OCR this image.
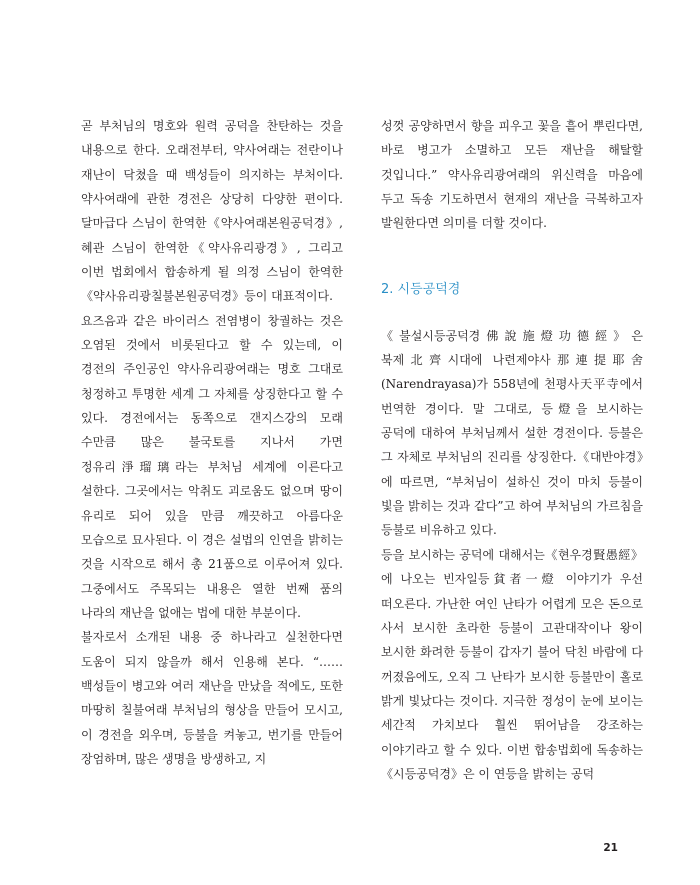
곧 부처님의 명호와 원력 공덕을 찬탄하는 것을 내용으로 한다. 오래전부터, 약사여래는 전란이나 재난이 닥쳤을 때 백성들이 의지하는 부처이다. 약사여래에 관한 경전은 상당히 다양한 편이다. 달마급다 스님이 한역한《약사여래본원공덕경》, 혜관 스님이 한역한《약사유리광경》, 그리고 이번 법회에서 합송하게 될 의정 스님이 한역한《약사유리광칠불본원공덕경》등이 대표적이다.

요즈음과 같은 바이러스 전염병이 창궐하는 것은 오염된 것에서 비롯된다고 할 수 있는데, 이 경전의 주인공인 약사유리광여래는 명호 그대로 청정하고 투명한 세계 그 자체를 상징한다고 할 수 있다. 경전에서는 동쪽으로 갠지스강의 모래 수만큼 많은 불국토를 지나서 가면 정유리淨瑠璃라는 부처님 세계에 이른다고 설한다. 그곳에서는 악취도 괴로움도 없으며 땅이 유리로 되어 있을 만큼 깨끗하고 아름다운 모습으로 묘사된다. 이 경은 설법의 인연을 밝히는 것을 시작으로 해서 총 21품으로 이루어져 있다. 그중에서도 주목되는 내용은 열한 번째 품의 나라의 재난을 없애는 법에 대한 부분이다.

불자로서 소개된 내용 중 하나라고 실천한다면 도움이 되지 않을까 해서 인용해 본다. “……백성들이 병고와 여러 재난을 만났을 적에도, 또한 마땅히 칠불여래 부처님의 형상을 만들어 모시고, 이 경전을 외우며, 등불을 켜놓고, 번기를 만들어 장엄하며, 많은 생명을 방생하고, 지

성껏 공양하면서 향을 피우고 꽃을 흩어 뿌린다면, 바로 병고가 소멸하고 모든 재난을 해탈할 것입니다.” 약사유리광여래의 위신력을 마음에 두고 독송 기도하면서 현재의 재난을 극복하고자 발원한다면 의미를 더할 것이다.

2. 시등공덕경

《불설시등공덕경佛說施燈功德經》은 북제北齊시대에 나련제야사那連提耶舍(Narendrayasa)가 558년에 천평사天平寺에서 번역한 경이다. 말 그대로, 등燈을 보시하는 공덕에 대하여 부처님께서 설한 경전이다. 등불은 그 자체로 부처님의 진리를 상징한다.《대반야경》에 따르면, “부처님이 설하신 것이 마치 등불이 빛을 밝히는 것과 같다”고 하여 부처님의 가르침을 등불로 비유하고 있다.

등을 보시하는 공덕에 대해서는《현우경賢愚經》에 나오는 빈자일등貧者一燈 이야기가 우선 떠오른다. 가난한 여인 난타가 어렵게 모은 돈으로 사서 보시한 초라한 등불이 고관대작이나 왕이 보시한 화려한 등불이 갑자기 불어 닥친 바람에 다 꺼졌음에도, 오직 그 난타가 보시한 등불만이 홀로 밝게 빛났다는 것이다. 지극한 정성이 눈에 보이는 세간적 가치보다 훨씬 뛰어남을 강조하는 이야기라고 할 수 있다. 이번 합송법회에 독송하는《시등공덕경》은 이 연등을 밝히는 공덕

21
